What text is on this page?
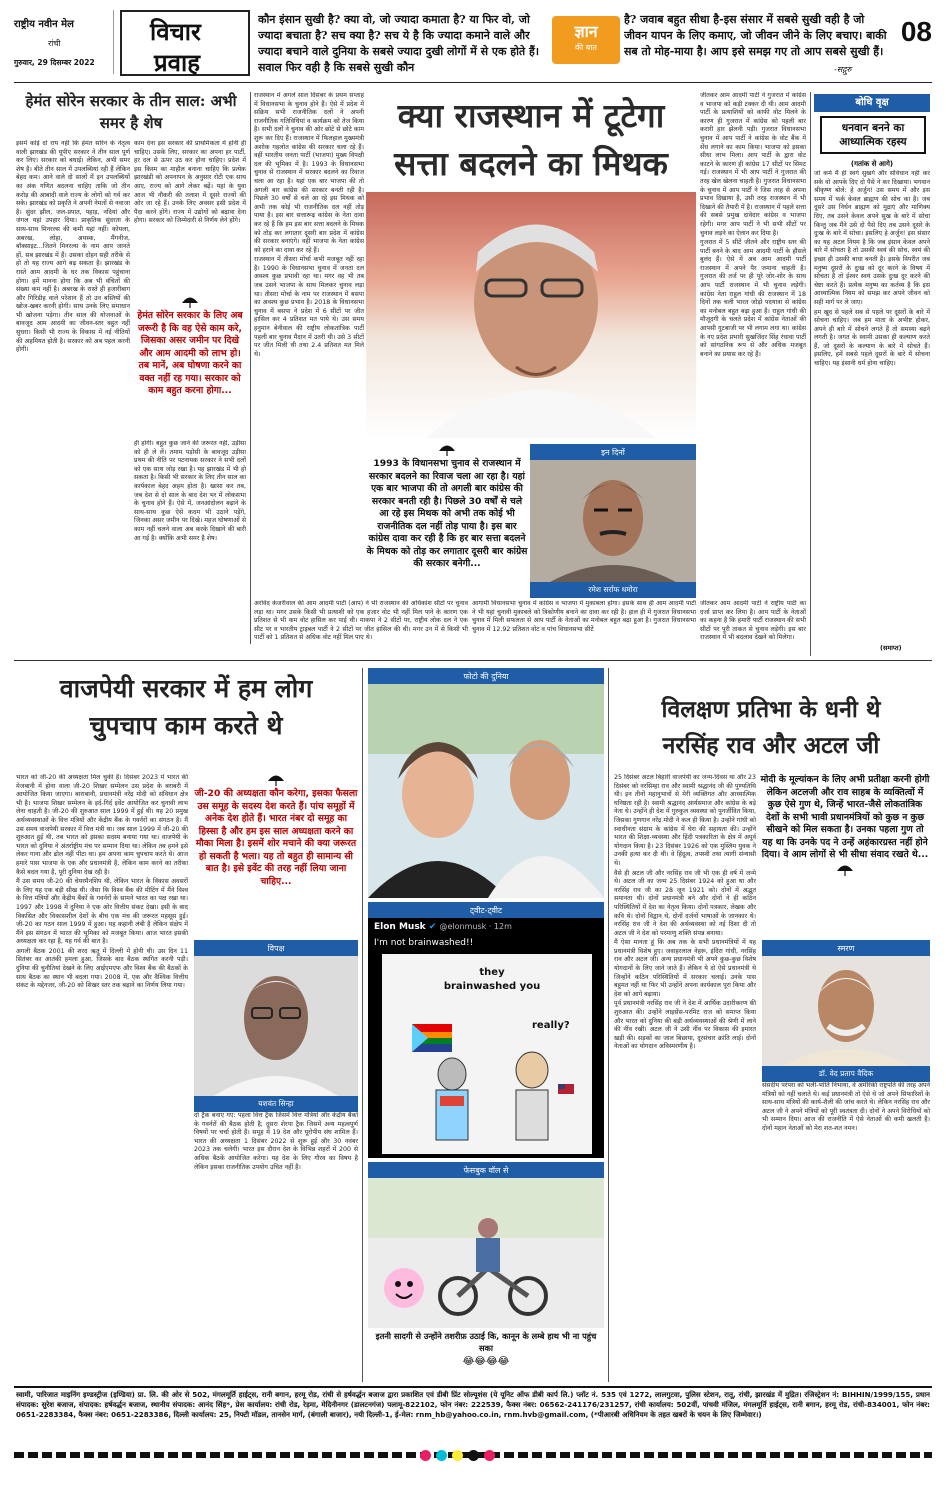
राष्ट्रीय नवीन मेल
रांची
गुरुवार, 29 दिसम्बर 2022
विचार
प्रवाह
कौन इंसान सुखी है? क्या वो, जो ज्यादा कमाता है? या फिर वो, जो ज्यादा बचाता है? सच क्या है? सच ये है कि ज्यादा कमाने वाले और ज्यादा बचाने वाले दुनिया के सबसे ज्यादा दुखी लोगों में से एक होते हैं। सवाल फिर वही है कि सबसे सुखी कौन
ज्ञान
की बात
है? जवाब बहुत सीधा है-इस संसार में सबसे सुखी वही है जो जीवन यापन के लिए कमाए, जो जीवन जीने के लिए बचाए। बाकी सब तो मोह-माया है। आप इसे समझ गए तो आप सबसे सुखी हैं।
-सद्गुरु
08
हेमंत सोरेन सरकार के तीन साल: अभी समर है शेष
इसमें कोई दो राय नहीं कि हेमंत सोरेन के नेतृत्व वाली झारखंड की यूपीए सरकार ने तीन साल पूर्ण कर लिए। सरकार को बधाई। लेकिन, अभी समर शेष है। बीते तीन साल में उपलब्धियां रही हैं लेकिन बेहद कम। आने वाले दो सालों में इन उपलब्धियों का अंक गणित बदलना चाहिए ताकि जो तीन करोड़ की आबादी वाले राज्य के लोगों को गर्व कर सके। झारखंड को प्रकृति ने अपनी नेमतों से नवाजा है। सुंदर झील, जल-प्रपात, पहाड़, नदियां और जंगल यहां उपहार दिया। प्राकृतिक सुंदरता के साथ-साथ मिनरल्स की कमी यहां नहीं। कोयला, अबरख, लोहा, अयस्क, मैंगनीज, बॉक्साइट...जितने मिनरल्स के नाम आप जानते हों, सब झारखंड में हैं। उसका दोहन सही तरीके से हो तो यह राज्य आगे बढ़ सकता है। झारखंड के रास्ते आम आदमी के घर तक विकास पहुंचाना होगा। हमें मानना होगा कि अब भी वंचितों की संख्या कम नहीं है। अबरख के रास्ते ही हजारीबाग और गिरिडीह वाले परेशान हैं तो उन बस्तियों की खोज-खबर करनी होगी। साथ उनके लिए समाधान भी खोजना पड़ेगा। तीन साल की योजनाओं के बावजूद आम आदमी का जीवन-स्तर बहुत नहीं सुधरा। किसी भी राज्य के विकास में नई नीतियों की अहमियत होती है। सरकार को अब पहल करनी होगी।
काम देना इस सरकार की प्राथमिकता में होनी ही चाहिए। उसके लिए, सरकार का अपना हर पार्टी, हर दल से ऊपर उठ कर होना चाहिए। प्रदेश में इस किस्म का माहौल बनाना चाहिए कि प्रत्येक झारखंडी को अपनापन के अनुसार रोटी एक साथ आए, राज्य को आगे लेकर बढ़ें। यहां के युवा आज भी नौकरी की तलाश में दूसरे राज्यों की ओर जा रहे हैं। उनके लिए अवसर इसी प्रदेश में पैदा करने होंगे। राज्य में उद्योगों को बढ़ावा देना होगा। सरकार को जिम्मेदारी से निर्णय लेने होंगे।
हेमंत सोरेन सरकार के लिए अब जरूरी है कि वह ऐसे काम करे, जिसका असर जमीन पर दिखे और आम आदमी को लाभ हो। तब मानें, अब घोषणा करने का वक्त नहीं रह गया। सरकार को काम बहुत करना होगा...
ही होगी। बहुत कुछ जाने की जरूरत नहीं, उड़ीसा को ही ले लें। तमाम पड़ोसी के बावजूद उड़ीसा प्रथम की नीति पर पटनायक सरकार ने सभी दलों को एक साथ जोड़ रखा है। यह झारखंड में भी हो सकता है। किसी भी सरकार के लिए तीन साल का कार्यकाल बेहद अहम होता है। खासा कर तब, जब देश से दो साल के बाद देश भर में लोकसभा के चुनाव होने हैं। ऐसे में, जनआंदोलन बढ़ाने के साथ-साथ कुछ ऐसे कदम भी उठाने पड़ेंगे, जिनका असर जमीन पर दिखे। महज घोषणाओं से काम नहीं चलने वाला अब करके दिखाने की बारी आ गई है। क्योंकि अभी समर है शेष।

राजस्थान में अगले साल दिसंबर के प्रथम सप्ताह में विधानसभा के चुनाव होने हैं। ऐसे में प्रदेश में सक्रिय सभी राजनीतिक दलों ने अपनी राजनीतिक गतिविधियां व कार्यक्रम को तेज किया है। सभी दलों ने चुनाव की ओर छोटे से छोटे काम शुरू कर दिए हैं। राजस्थान में फिलहाल मुख्यमंत्री अशोक गहलोत कांग्रेस की सरकार चला रहे हैं। वहीं भारतीय जनता पार्टी (भाजपा) मुख्य विपक्षी दल की भूमिका में है। 1993 के विधानसभा चुनाव से राजस्थान में सरकार बदलने का रिवाज चला आ रहा है। यहां एक बार भाजपा की तो अगली बार कांग्रेस की सरकार बनती रही है। पिछले 30 वर्षों से चले आ रहे इस मिथक को अभी तक कोई भी राजनीतिक दल नहीं तोड़ पाया है। इस बार सत्तारूढ़ कांग्रेस के नेता दावा कर रहे हैं कि हम इस बार सत्ता बदलने के मिथक को तोड़ कर लगातार दूसरी बार प्रदेश में कांग्रेस की सरकार बनाएंगे। वहीं भाजपा के नेता कांग्रेस को हराने का दावा कर रहे हैं।

राजस्थान में तीसरा मोर्चा कभी मजबूत नहीं रहा है। 1990 के विधानसभा चुनाव में जनता दल अवश्य कुछ प्रभावी रहा था। मगर वह भी तब जब उसने भाजपा के साथ मिलकर चुनाव लड़ा था। तीसरा मोर्चा के नाम पर राजस्थान में बसपा का अवश्य कुछ प्रभाव है। 2018 के विधानसभा चुनाव में बसपा ने प्रदेश में 6 सीटों पर जीत हासिल कर 4 प्रतिशत मत पाये थे। उस समय हनुमान बेनीवाल की राष्ट्रीय लोकतांत्रिक पार्टी पहली बार चुनाव मैदान में उतरी थी। उसे 3 सीटों पर जीत मिली थी तथा 2.4 प्रतिशत मत मिले थे।

क्या राजस्थान में टूटेगा
सत्ता बदलने का मिथक
1993 के विधानसभा चुनाव से राजस्थान में सरकार बदलने का रिवाज चला आ रहा है। यहां एक बार भाजपा की तो अगली बार कांग्रेस की सरकार बनती रही है। पिछले 30 वर्षों से चले आ रहे इस मिथक को अभी तक कोई भी राजनीतिक दल नहीं तोड़ पाया है। इस बार कांग्रेस दावा कर रही है कि हर बार सत्ता बदलने के मिथक को तोड़ कर लगातार दूसरी बार कांग्रेस की सरकार बनेगी...
इन दिनों
रमेश सर्राफ धमोरा
अरविंद केजरीवाल की आम आदमी पार्टी (आप) ने भी राजस्थान की अधिकांश सीटों पर चुनाव लड़ा था। मगर उसके किसी भी प्रत्याशी को एक हजार वोट भी नहीं मिल पाने के कारण एक प्रतिशत से भी कम वोट हासिल कर पाई थी। माकपा ने 2 सीटों पर, राष्ट्रीय लोक दल ने एक सीट पर व भारतीय ट्राइबल पार्टी ने 2 सीटों पर जीत हासिल की थी। मगर उन में से किसी भी पार्टी को 1 प्रतिशत से अधिक वोट नहीं मिल पाए थे।
आगामी विधानसभा चुनाव में कांग्रेस व भाजपा में मुकाबला होगा। इसके साथ ही आम आदमी पार्टी ने भी यहां चुनावी मुकाबले को त्रिकोणीय बनाने का दावा कर रही है। हाल ही में गुजरात विधानसभा चुनाव में मिली सफलता से आप पार्टी के नेताओं का मनोबल बहुत बढ़ा हुआ है। गुजरात विधानसभा चुनाव में 12.92 प्रतिशत वोट व पांच विधानसभा सीटें

जीतकर आम आदमी पार्टी ने गुजरात में कांग्रेस व भाजपा को कड़ी टक्कर दी थी। आम आदमी पार्टी के प्रत्याशियों को काफी वोट मिलने के कारण ही गुजरात में कांग्रेस को पहली बार करारी हार झेलनी पड़ी। गुजरात विधानसभा चुनाव में आप पार्टी ने कांग्रेस के वोट बैंक में सेंध लगाने का काम किया। भाजपा को इसका सीधा लाभ मिला। आप पार्टी के द्वारा वोट काटने के कारण ही कांग्रेस 17 सीटों पर सिमट गई। राजस्थान में भी आप पार्टी ने गुजरात की तरह खेल खेलना चाहती है। गुजरात विधानसभा के चुनाव में आप पार्टी ने जिस तरह से अपना प्रभाव दिखाया है, उसी तरह राजस्थान में भी दिखाने की तैयारी में है। राजस्थान में पहले सत्ता की सबसे प्रमुख दावेदार कांग्रेस व भाजपा रहेगी। मगर आप पार्टी ने भी सभी सीटों पर चुनाव लड़ने का ऐलान कर दिया है।

गुजरात में 5 सीटें जीतने और राष्ट्रीय स्तर की पार्टी बनने के बाद आम आदमी पार्टी के हौसले बुलंद हैं। ऐसे में अब आम आदमी पार्टी राजस्थान में अपने पैर जमाना चाहती है। गुजरात की तर्ज पर ही पूरे जोर-शोर के साथ आप पार्टी राजस्थान में भी चुनाव लड़ेगी। कांग्रेस नेता राहुल गांधी की राजस्थान में 18 दिनों तक चली भारत जोड़ो पदयात्रा से कांग्रेस का मनोबल बहुत बढ़ा हुआ है। राहुल गांधी की मौजूदगी के चलते प्रदेश में कांग्रेस नेताओं की आपसी गुटबाजी पर भी लगाम लगा था। कांग्रेस के नए प्रदेश प्रभारी सुखजिंदर सिंह रंधावा पार्टी को सांगठनिक रूप से और अधिक मजबूत बनाने का प्रयास कर रहे हैं।

जीतकर आम आदमी पार्टी ने राष्ट्रीय पार्टी का दर्जा प्राप्त कर लिया है। आप पार्टी के नेताओं का कहना है कि हमारी पार्टी राजस्थान की सभी सीटों पर पूरी ताकत से चुनाव लड़ेगी। इस बार राजस्थान में भी बदलाव देखने को मिलेगा।
बोधि वृक्ष
धनवान बनने का आध्यात्मिक रहस्य
(गतांक से आगे)

जो कर्म मैं ही स्वर्ग सुखर्ग और संविधान नहीं कर सके वो आपके दिए दो पैसे ने कर दिखाया। भगवान श्रीकृष्ण बोले: हे अर्जुन! उस समय में और इस समय में फर्क केवल ब्राह्मण की सोच का है। जब दूसरे उस निर्धन ब्राह्मण को मुद्राएं और माणिक्य दिए, तब उसने केवल अपने सुख के बारे में सोचा किन्तु जब मैंने उसे दो पैसे दिए तब उसने दूसरे के दुःख के बारे में सोचा। इसलिए हे अर्जुन! इस संसार का यह अटल नियम है कि जब इंसान केवल अपने बारे में सोचता है तो उसकी स्वयं की सोच, स्वयं की इच्छा ही उसकी बाधा बनती है। इसके विपरीत जब मनुष्य दूसरों के दुःख को दूर करने के विषय में सोचता है तो ईश्वर स्वयं उसके दुःख दूर करने की चेष्टा करते हैं। प्रत्येक मनुष्य का कर्तव्य है कि इस आध्यात्मिक नियम को समझ कर अपने जीवन को सही मार्ग पर ले जाए।

हम खुद से पहले सब से पहले पर दूसरों के बारे में सोचना चाहिए। जब हम माता के अभीष्ट होकर, अपने ही बारे में सोचने लगते हैं तो समस्या बढ़ने लगती है। जगत के स्वामी उसका ही कल्याण करते हैं, जो दूसरों के कल्याण के बारे में सोचते हैं। इसलिए, हमें सबसे पहले दूसरों के बारे में सोचना चाहिए। यह इंसानी धर्म होना चाहिए।

(समाप्त)
वाजपेयी सरकार में हम लोग
चुपचाप काम करते थे

भारत को जी-20 की अध्यक्षता मिल चुकी है। दिसंबर 2023 में भारत की मेजबानी में होना वाला जी-20 शिखर सम्मेलन उस प्रदेश के बराबरी में आयोजित किया जाएगा। बाराबानी, प्रधानमंत्री नरेंद्र मोदी को संविधान क्षेत्र भी है। भाजपा शिखर सम्मेलन के इर्द-गिर्द इवेंट आयोजित कर चुनावी लाभ लेना चाहती है। जी-20 की शुरुआत साल 1999 में हुई थी। यह 20 प्रमुख अर्थव्यवस्थाओं के वित्त मंत्रियों और केंद्रीय बैंक के गवर्नरों का संगठन है। मैं उस समय वाजपेयी सरकार में वित्त मंत्री था। जब साल 1999 में जी-20 की शुरुआत हुई थी, तब भारत को इसका सदस्य बनाया गया था। वाजपेयी के भारत को दुनिया ने अंतर्राष्ट्रीय मंच पर सम्मान दिया था। लेकिन तब हमने इसे लेकर गाना और ढोल नहीं पीटा था। हम अपना काम चुपचाप करते थे। आज हमारे पास भाजपा के एक और प्रधानमंत्री है, लेकिन काम करने का तरीका कैसे बदल गया है, पूरी दुनिया देख रही है।

मैं उस समय जी-20 की चेयरमैनशिप थी, लेकिन भारत के विकास अवसरों के लिए यह एक बड़ी सीख थी। जैसा कि विश्व बैंक की मीटिंग में मैंने विश्व के वित्त मंत्रियों और केंद्रीय बैंकों के गवर्नरों के सामने भारत का पक्ष रखा था। 1997 और 1998 में दुनिया ने एक ओर वित्तीय संकट देखा। इसी के बाद विकसित और विकासशील देशों के बीच एक मंच की जरूरत महसूस हुई। जी-20 का गठन साल 1999 में हुआ। यह कहानी लंबी है लेकिन संक्षेप में मैंने इस संगठन में भारत की भूमिका को मजबूत किया। आज भारत इसकी अध्यक्षता कर रहा है, यह गर्व की बात है।

अगली बैठक 2001 की शरद ऋतु में दिल्ली में होनी थी। उस दिन 11 सितंबर का आतंकी हमला हुआ, जिसके बाद बैठक स्थगित करनी पड़ी। दुनिया की चुनौतियां देखने के लिए आईएमएफ और विश्व बैंक की बैठकों के साथ बैठक का स्थान भी बदला गया। 2008 में, एक और वैश्विक वित्तीय संकट के मद्देनजर, जी-20 को शिखर स्तर तक बढ़ाने का निर्णय लिया गया।

जी-20 की अध्यक्षता कौन करेगा, इसका फैसला उस समूह के सदस्य देश करते हैं। पांच समूहों में अनेक देश होते हैं। भारत नंबर दो समूह का हिस्सा है और हम इस साल अध्यक्षता करने का मौका मिला है। इसमें शोर मचाने की क्या जरूरत हो सकती है भला। यह तो बहुत ही सामान्य सी बात है। इसे इवेंट की तरह नहीं लिया जाना चाहिए...
विपक्ष
यशवंत सिन्हा
दो ट्रैक बनाए गए: पहला वित्त ट्रैक जिसमें वित्त मंत्रियों और केंद्रीय बैंकों के गवर्नरों की बैठक होती है; दूसरा शेरपा ट्रैक जिसमें अन्य महत्वपूर्ण विषयों पर चर्चा होती है। समूह में 19 देश और यूरोपीय संघ शामिल हैं। भारत की अध्यक्षता 1 दिसंबर 2022 से शुरू हुई और 30 नवंबर 2023 तक चलेगी। भारत इस दौरान देश के विभिन्न शहरों में 200 से अधिक बैठकें आयोजित करेगा। यह देश के लिए गौरव का विषय है लेकिन इसका राजनीतिक उपयोग उचित नहीं है।
फोटो की दुनिया
ट्वीट-ट्वीट
Elon Musk ✔ @elonmusk · 12m
I'm not brainwashed!!
they brainwashed you
really?
फेसबुक वॉल से
इतनी सादगी से उन्होंने तशरीफ़ उठाई कि, कानून के लम्बे हाथ भी ना पहुंच सका
😂😂😂😂
विलक्षण प्रतिभा के धनी थे
नरसिंह राव और अटल जी

25 दिसंबर अटल बिहारी वाजपेयी का जन्म-दिवस था और 23 दिसंबर को नरसिम्हा राव और स्वामी श्रद्धानंद जी की पुण्यतिथि थी। इन तीनों महानुभावों से मेरी व्यक्तिगत और आध्यात्मिक घनिष्ठता रही है। स्वामी श्रद्धानंद आर्यसमाज और कांग्रेस के बड़े नेता थे। उन्होंने ही देश में गुरुकुल व्यवस्था को पुनर्जीवित किया, जिसका गुणगान नरेंद्र मोदी ने कल ही किया है। उन्होंने गांधी को स्वाधीनता संग्राम के कांग्रेस में घेरा की सहायता की। उन्होंने भारत की शिक्षा-व्यवस्था और हिंदी पत्रकारिता के क्षेत्र में अपूर्व योगदान किया है। 23 दिसंबर 1926 को एक मुस्लिम युवक ने उनकी हत्या कर दी थी। वे हिंदूत्व, तपस्वी तथा त्यागी संन्यासी थे।

वैसे ही अटल जी और नरसिंह राव जी भी एक ही वर्ष में जन्मे थे। अटल जी का जन्म 25 दिसंबर 1924 को हुआ था और नरसिंह राव जी का 28 जून 1921 को। दोनों में अद्भुत समानता थी। दोनों प्रधानमंत्री बने और दोनों ने ही कठिन परिस्थितियों में देश का नेतृत्व किया। दोनों पत्रकार, लेखक और कवि थे। दोनों विद्वान थे, दोनों दर्जनों भाषाओं के जानकार थे। नरसिंह राव जी ने देश की अर्थव्यवस्था को नई दिशा दी तो अटल जी ने देश को परमाणु शक्ति संपन्न बनाया।

मैं ऐसा मानता हूं कि अब तक के सभी प्रधानमंत्रियों में यह प्रधानमंत्री विशेष हुए। जवाहरलाल नेहरू, इंदिरा गांधी, नरसिंह राव और अटल जी। अन्य प्रधानमंत्री भी अपने कुछ-कुछ विशेष योगदानों के लिए जाने जाते हैं। लेकिन ये दो ऐसे प्रधानमंत्री थे जिन्होंने कठिन परिस्थितियों में सरकार चलाई। उनके पास बहुमत नहीं था फिर भी उन्होंने अपना कार्यकाल पूरा किया और देश को आगे बढ़ाया।

पूर्व प्रधानमंत्री नरसिंह राव जी ने देश में आर्थिक उदारीकरण की शुरुआत की। उन्होंने लाइसेंस-परमिट राज को समाप्त किया और भारत को दुनिया की बड़ी अर्थव्यवस्थाओं की श्रेणी में लाने की नींव रखी। अटल जी ने उसी नींव पर विकास की इमारत खड़ी की। सड़कों का जाल बिछाया, दूरसंचार क्रांति लाई। दोनों नेताओं का योगदान अविस्मरणीय है।

मोदी के मूल्यांकन के लिए अभी प्रतीक्षा करनी होगी लेकिन अटलजी और राव साहब के व्यक्तित्वों में कुछ ऐसे गुण थे, जिन्हें भारत-जैसे लोकतांत्रिक देशों के सभी भावी प्रधानमंत्रियों को कुछ न कुछ सीखने को मिल सकता है। उनका पहला गुण तो यह था कि उनके पद ने उन्हें अहंकारग्रस्त नहीं होने दिया। वे आम लोगों से भी सीधा संवाद रखते थे...
स्मरण
डॉ. वेद प्रताप वैदिक
संसदीय परंपरा को भली-भांति निभाया, वे अमेरिकी राष्ट्रपति की तरह अपने मंत्रियों को नहीं चलाते थे। कई प्रधानमंत्री तो ऐसे थे जो अपने सिफारिशों के साथ-साथ मंत्रियों की कार्य-शैली की जांच करते थे। लेकिन नरसिंह राव और अटल जी ने अपने मंत्रियों को पूरी स्वतंत्रता दी। दोनों ने अपने विरोधियों को भी सम्मान दिया। आज की राजनीति में ऐसे नेताओं की कमी खलती है। दोनों महान नेताओं को मेरा शत-शत नमन।
स्वामी, पारिजात माइनिंग इण्डस्ट्रीज (इण्डिया) प्रा. लि. की ओर से 502, मंगलमूर्ति हाईट्स, रानी बगान, हरमू रोड, रांची से हर्षवर्द्धन बजाज द्वारा प्रकाशित एवं डीबी प्रिंट सोल्यूशंस (ये यूनिट ऑफ डीबी कार्प लि.) प्लॉट नं. 535 एवं 1272, लालगुटवा, पुलिस स्टेशन, रातू, रांची, झारखंड में मुद्रित। रजिस्ट्रेशन नं: BIHHIN/1999/155, प्रधान संपादक: सुरेश बजाज, संपादक: हर्षवर्द्धन बजाज, स्थानीय संपादक: आनंद सिंह*, प्रेस कार्यालय: रांची रोड, रेड़मा, मेदिनीनगर (डालटनगंज) पलामू-822102, फोन नंबर: 222539, फैक्स नंबर: 06562-241176/231257, रांची कार्यालय: 502वीं, पांचवी मंजिल, मंगलमूर्ति हाईट्स, रानी बगान, हरमू रोड, रांची-834001, फोन नंबर: 0651-2283384, फैक्स नंबर: 0651-2283386, दिल्ली कार्यालय: 25, निफ्टी मॉडल, तानसेन मार्ग, (बंगाली बाजार), नयी दिल्ली-1, ई-मेल: rnm_hb@yahoo.co.in, rnm.hvb@gmail.com, (*पीआरबी अधिनियम के तहत खबरों के चयन के लिए जिम्मेवार।)
